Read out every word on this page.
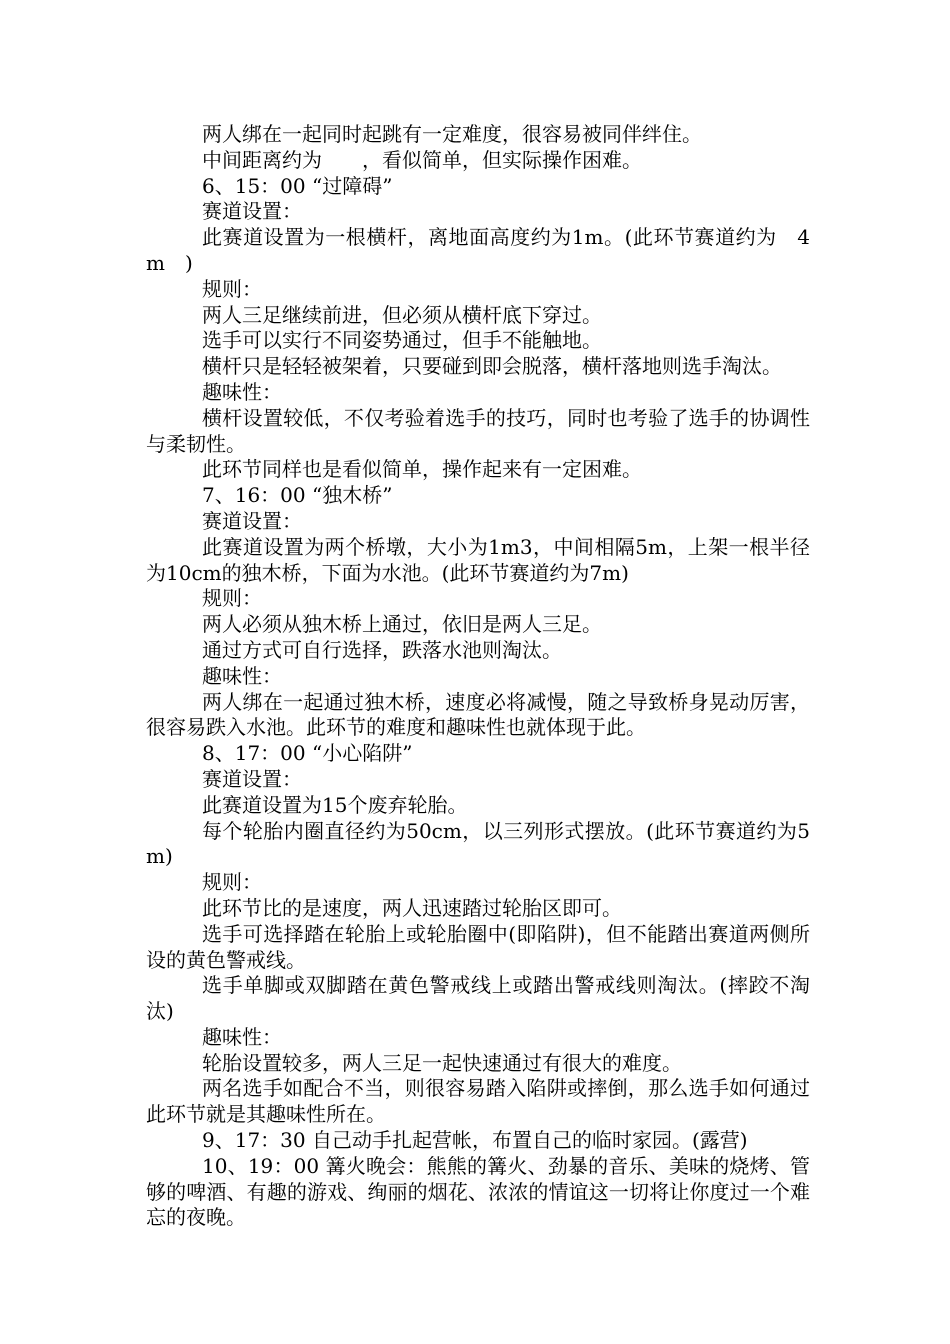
两人绑在一起同时起跳有一定难度，很容易被同伴绊住。

中间距离约为　　，看似简单，但实际操作困难。

6、15：00 “过障碍”

赛道设置：

此赛道设置为一根横杆，离地面高度约为1m。(此环节赛道约为　4m　)

规则：

两人三足继续前进，但必须从横杆底下穿过。

选手可以实行不同姿势通过，但手不能触地。

横杆只是轻轻被架着，只要碰到即会脱落，横杆落地则选手淘汰。

趣味性：

横杆设置较低，不仅考验着选手的技巧，同时也考验了选手的协调性与柔韧性。

此环节同样也是看似简单，操作起来有一定困难。

7、16：00 “独木桥”

赛道设置：

此赛道设置为两个桥墩，大小为1m3，中间相隔5m，上架一根半径为10cm的独木桥，下面为水池。(此环节赛道约为7m)

规则：

两人必须从独木桥上通过，依旧是两人三足。

通过方式可自行选择，跌落水池则淘汰。

趣味性：

两人绑在一起通过独木桥，速度必将减慢，随之导致桥身晃动厉害，很容易跌入水池。此环节的难度和趣味性也就体现于此。

8、17：00 “小心陷阱”

赛道设置：

此赛道设置为15个废弃轮胎。

每个轮胎内圈直径约为50cm，以三列形式摆放。(此环节赛道约为5m)

规则：

此环节比的是速度，两人迅速踏过轮胎区即可。

选手可选择踏在轮胎上或轮胎圈中(即陷阱)，但不能踏出赛道两侧所设的黄色警戒线。

选手单脚或双脚踏在黄色警戒线上或踏出警戒线则淘汰。(摔跤不淘汰)

趣味性：

轮胎设置较多，两人三足一起快速通过有很大的难度。

两名选手如配合不当，则很容易踏入陷阱或摔倒，那么选手如何通过此环节就是其趣味性所在。

9、17：30 自己动手扎起营帐，布置自己的临时家园。(露营)

10、19：00 篝火晚会：熊熊的篝火、劲暴的音乐、美味的烧烤、管够的啤酒、有趣的游戏、绚丽的烟花、浓浓的情谊这一切将让你度过一个难忘的夜晚。
